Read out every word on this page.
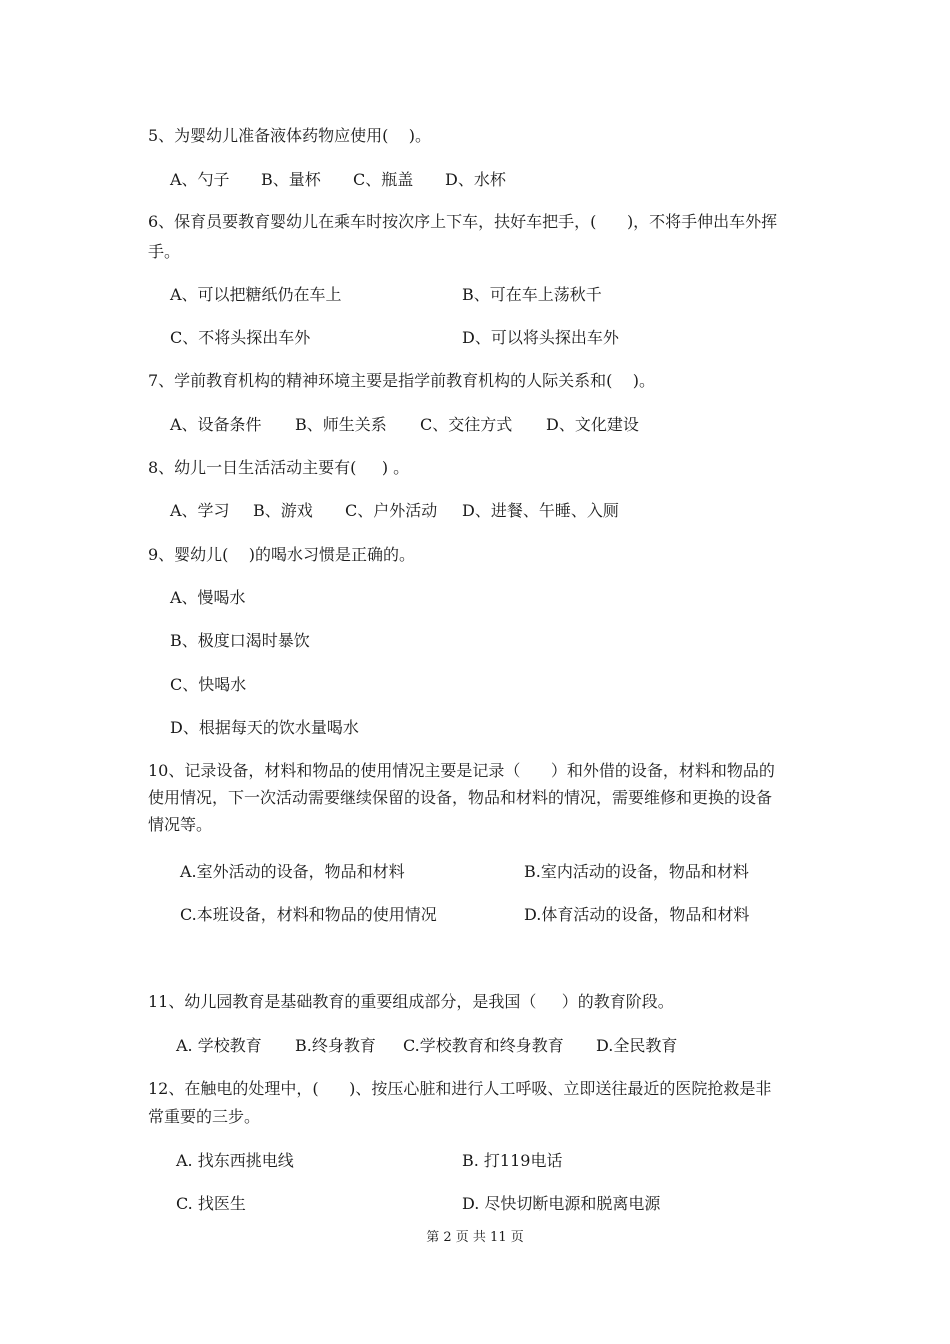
5、为婴幼儿准备液体药物应使用(    )。

A、勺子 B、量杯 C、瓶盖 D、水杯

6、保育员要教育婴幼儿在乘车时按次序上下车，扶好车把手，(      )，不将手伸出车外挥

手。

A、可以把糖纸仍在车上	B、可在车上荡秋千

C、不将头探出车外	D、可以将头探出车外

7、学前教育机构的精神环境主要是指学前教育机构的人际关系和(    )。

A、设备条件 B、师生关系 C、交往方式 D、文化建设

8、幼儿一日生活活动主要有(     ) 。

A、学习 B、游戏 C、户外活动 D、进餐、午睡、入厕

9、婴幼儿(    )的喝水习惯是正确的。

A、慢喝水

B、极度口渴时暴饮

C、快喝水

D、根据每天的饮水量喝水

10、记录设备，材料和物品的使用情况主要是记录（      ）和外借的设备，材料和物品的

使用情况，下一次活动需要继续保留的设备，物品和材料的情况，需要维修和更换的设备

情况等。

A.室外活动的设备，物品和材料	B.室内活动的设备，物品和材料

C.本班设备，材料和物品的使用情况	D.体育活动的设备，物品和材料

11、幼儿园教育是基础教育的重要组成部分，是我国（     ）的教育阶段。

A. 学校教育 B.终身教育 C.学校教育和终身教育 D.全民教育

12、在触电的处理中，(      )、按压心脏和进行人工呼吸、立即送往最近的医院抢救是非

常重要的三步。

A. 找东西挑电线	B. 打119电话

C. 找医生	D. 尽快切断电源和脱离电源

第 2 页 共 11 页
